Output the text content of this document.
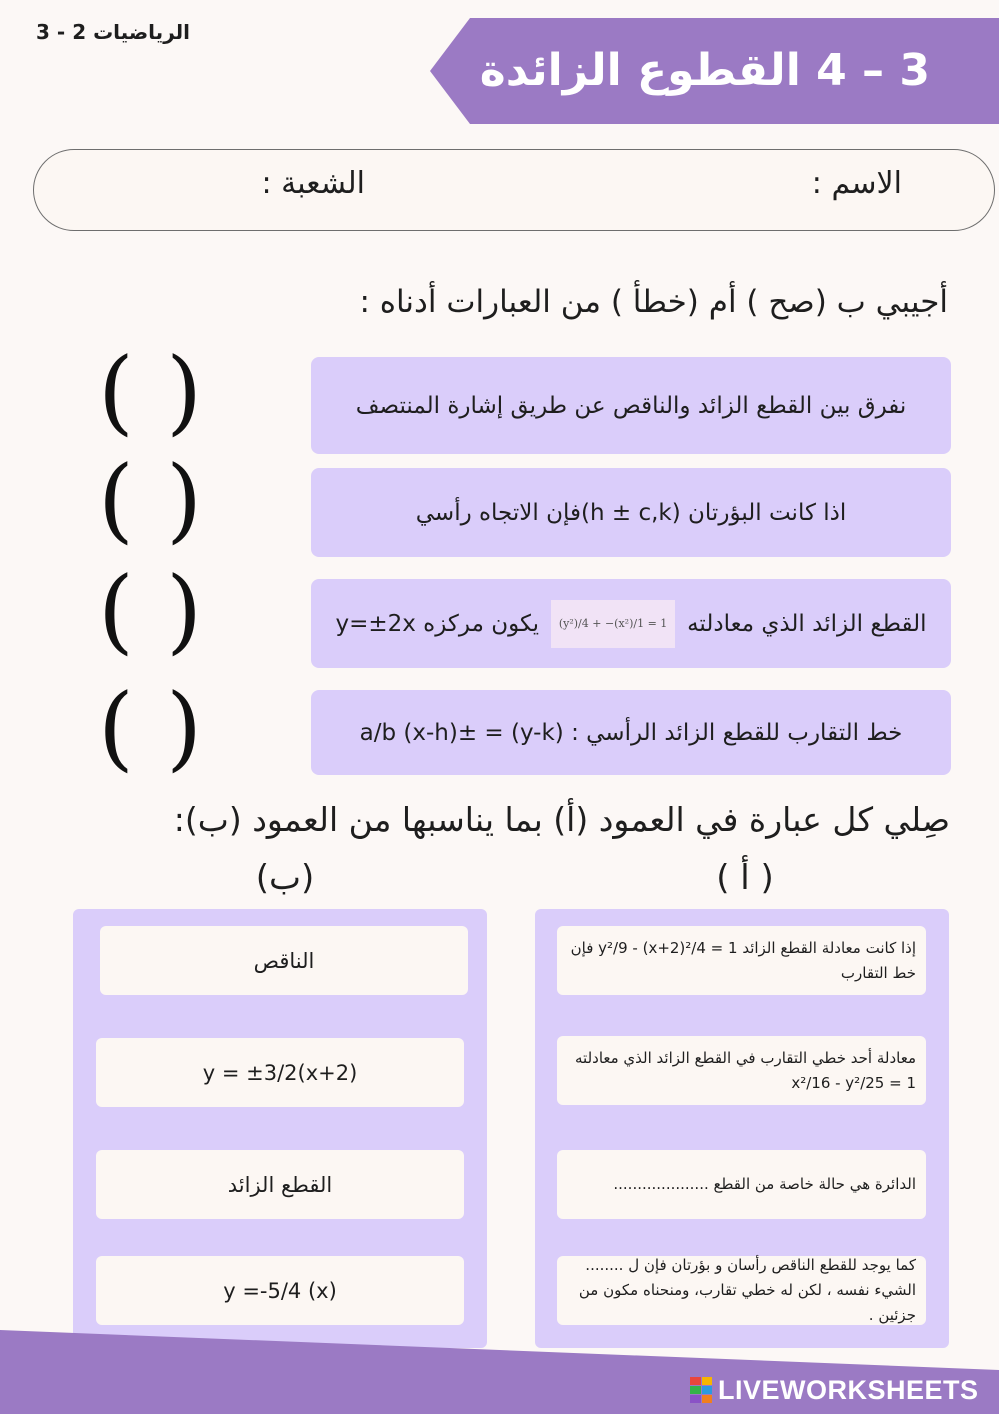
الرياضيات 2 - 3
3 – 4 القطوع الزائدة
الاسم :
الشعبة :
أجيبي ب (صح ) أم (خطأ ) من العبارات أدناه :
نفرق بين القطع الزائد والناقص عن طريق إشارة المنتصف
( )
اذا كانت البؤرتان (h ± c,k)فإن الاتجاه رأسي
( )
القطع الزائد الذي معادلته
(y²)/4 + −(x²)/1 = 1
يكون مركزه y=±2x
( )
خط التقارب للقطع الزائد الرأسي : (y-k) = ±a/b (x-h)
( )
صِلي كل عبارة في العمود (أ) بما يناسبها من العمود (ب):
(ب)	( أ )
الناقص
y = ±3/2(x+2)
القطع الزائد
y =-5/4 (x)
إذا كانت معادلة القطع الزائد y²/9 - (x+2)²/4 = 1 فإن خط التقارب
معادلة أحد خطي التقارب في القطع الزائد الذي معادلته x²/16 - y²/25 = 1
الدائرة هي حالة خاصة من القطع ....................
كما يوجد للقطع الناقص رأسان و بؤرتان فإن ل ........ الشيء نفسه ، لكن له خطي تقارب، ومنحناه مكون من جزئين .
LIVEWORKSHEETS
